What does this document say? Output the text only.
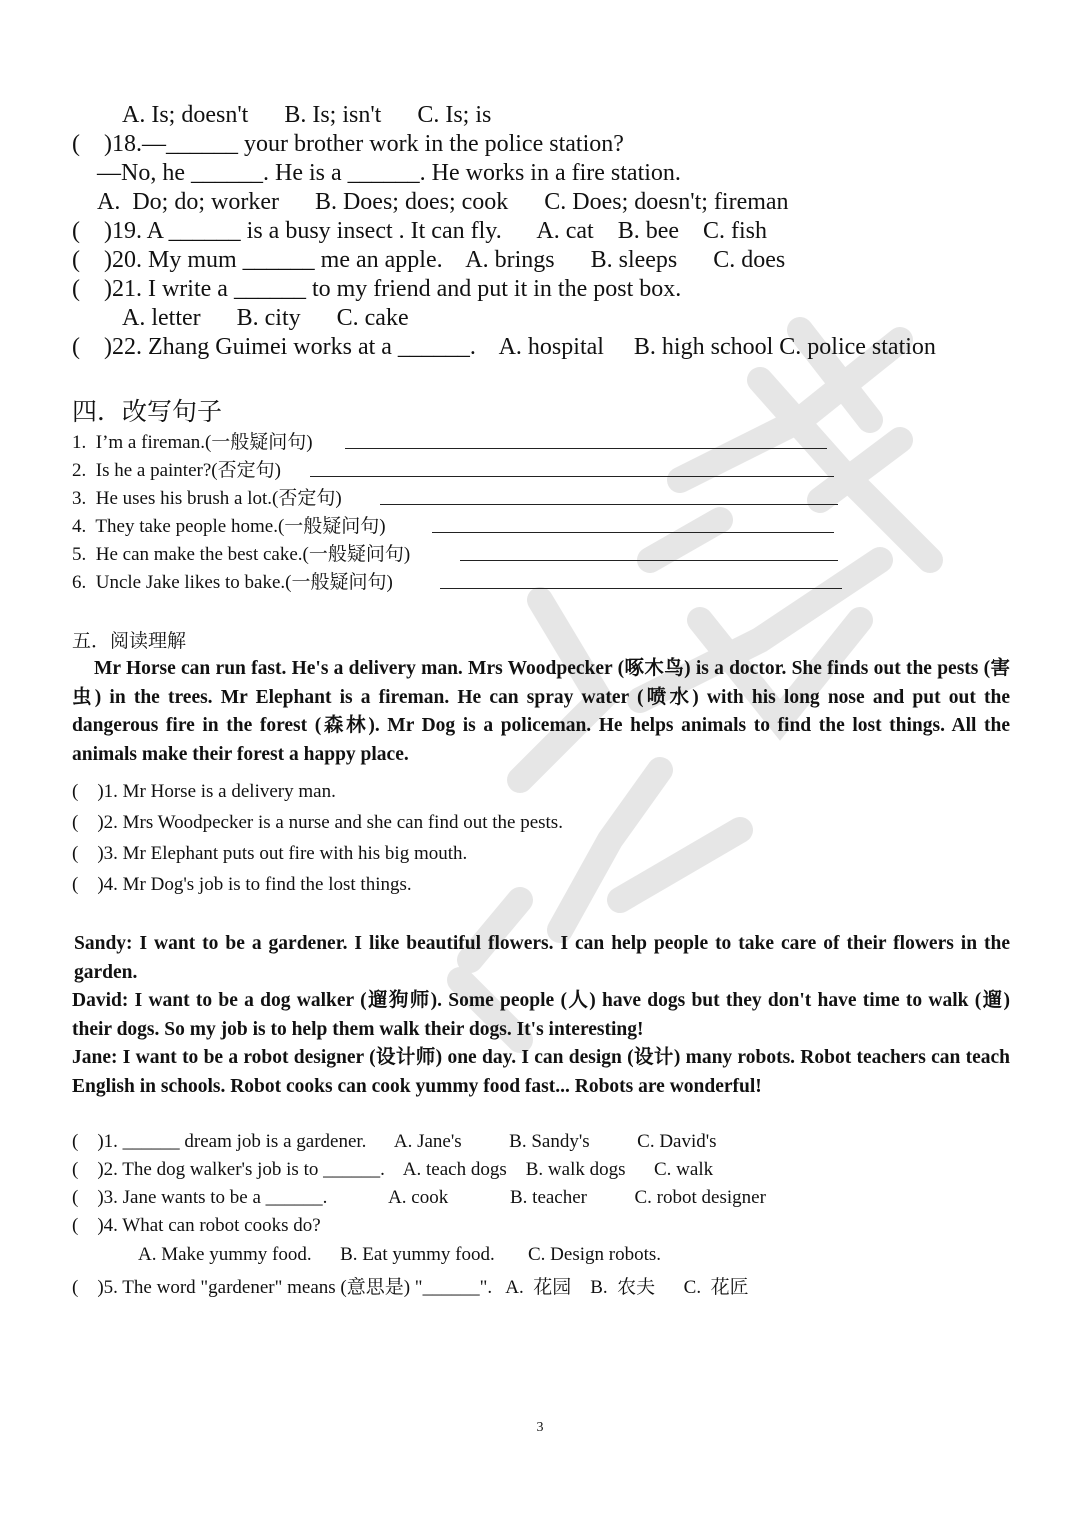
A. Is; doesn't      B. Is; isn't      C. Is; is
(    )18.—______ your brother work in the police station?
—No, he ______. He is a ______. He works in a fire station.
A.  Do; do; worker      B. Does; does; cook      C. Does; doesn't; fireman
(    )19. A ______ is a busy insect . It can fly.      A. cat    B. bee    C. fish
(    )20. My mum ______ me an apple.    A. brings      B. sleeps      C. does
(    )21. I write a ______ to my friend and put it in the post box.
A. letter      B. city      C. cake
(    )22. Zhang Guimei works at a ______.    A. hospital     B. high school C. police station
四．改写句子
1.  I’m a fireman.(一般疑问句)
2.  Is he a painter?(否定句)
3.  He uses his brush a lot.(否定句)
4.  They take people home.(一般疑问句)
5.  He can make the best cake.(一般疑问句)
6.  Uncle Jake likes to bake.(一般疑问句)
五．阅读理解
Mr Horse can run fast. He's a delivery man. Mrs Woodpecker (啄木鸟) is a doctor. She finds out the pests (害虫) in the trees. Mr Elephant is a fireman. He can spray water (喷水) with his long nose and put out the dangerous fire in the forest (森林). Mr Dog is a policeman. He helps animals to find the lost things. All the animals make their forest a happy place.
(    )1. Mr Horse is a delivery man.
(    )2. Mrs Woodpecker is a nurse and she can find out the pests.
(    )3. Mr Elephant puts out fire with his big mouth.
(    )4. Mr Dog's job is to find the lost things.
Sandy: I want to be a gardener. I like beautiful flowers. I can help people to take care of their flowers in the garden.
David: I want to be a dog walker (遛狗师). Some people (人) have dogs but they don't have time to walk (遛) their dogs. So my job is to help them walk their dogs. It's interesting!
Jane: I want to be a robot designer (设计师) one day. I can design (设计) many robots. Robot teachers can teach English in schools. Robot cooks can cook yummy food fast... Robots are wonderful!
(    )1. ______ dream job is a gardener.      A. Jane's          B. Sandy's          C. David's
(    )2. The dog walker's job is to ______.    A. teach dogs    B. walk dogs      C. walk
(    )3. Jane wants to be a ______.             A. cook             B. teacher          C. robot designer
(    )4. What can robot cooks do?
A. Make yummy food.      B. Eat yummy food.       C. Design robots.
(    )5. The word "gardener" means (意思是) "______".   A.  花园    B.  农夫      C.  花匠
3
